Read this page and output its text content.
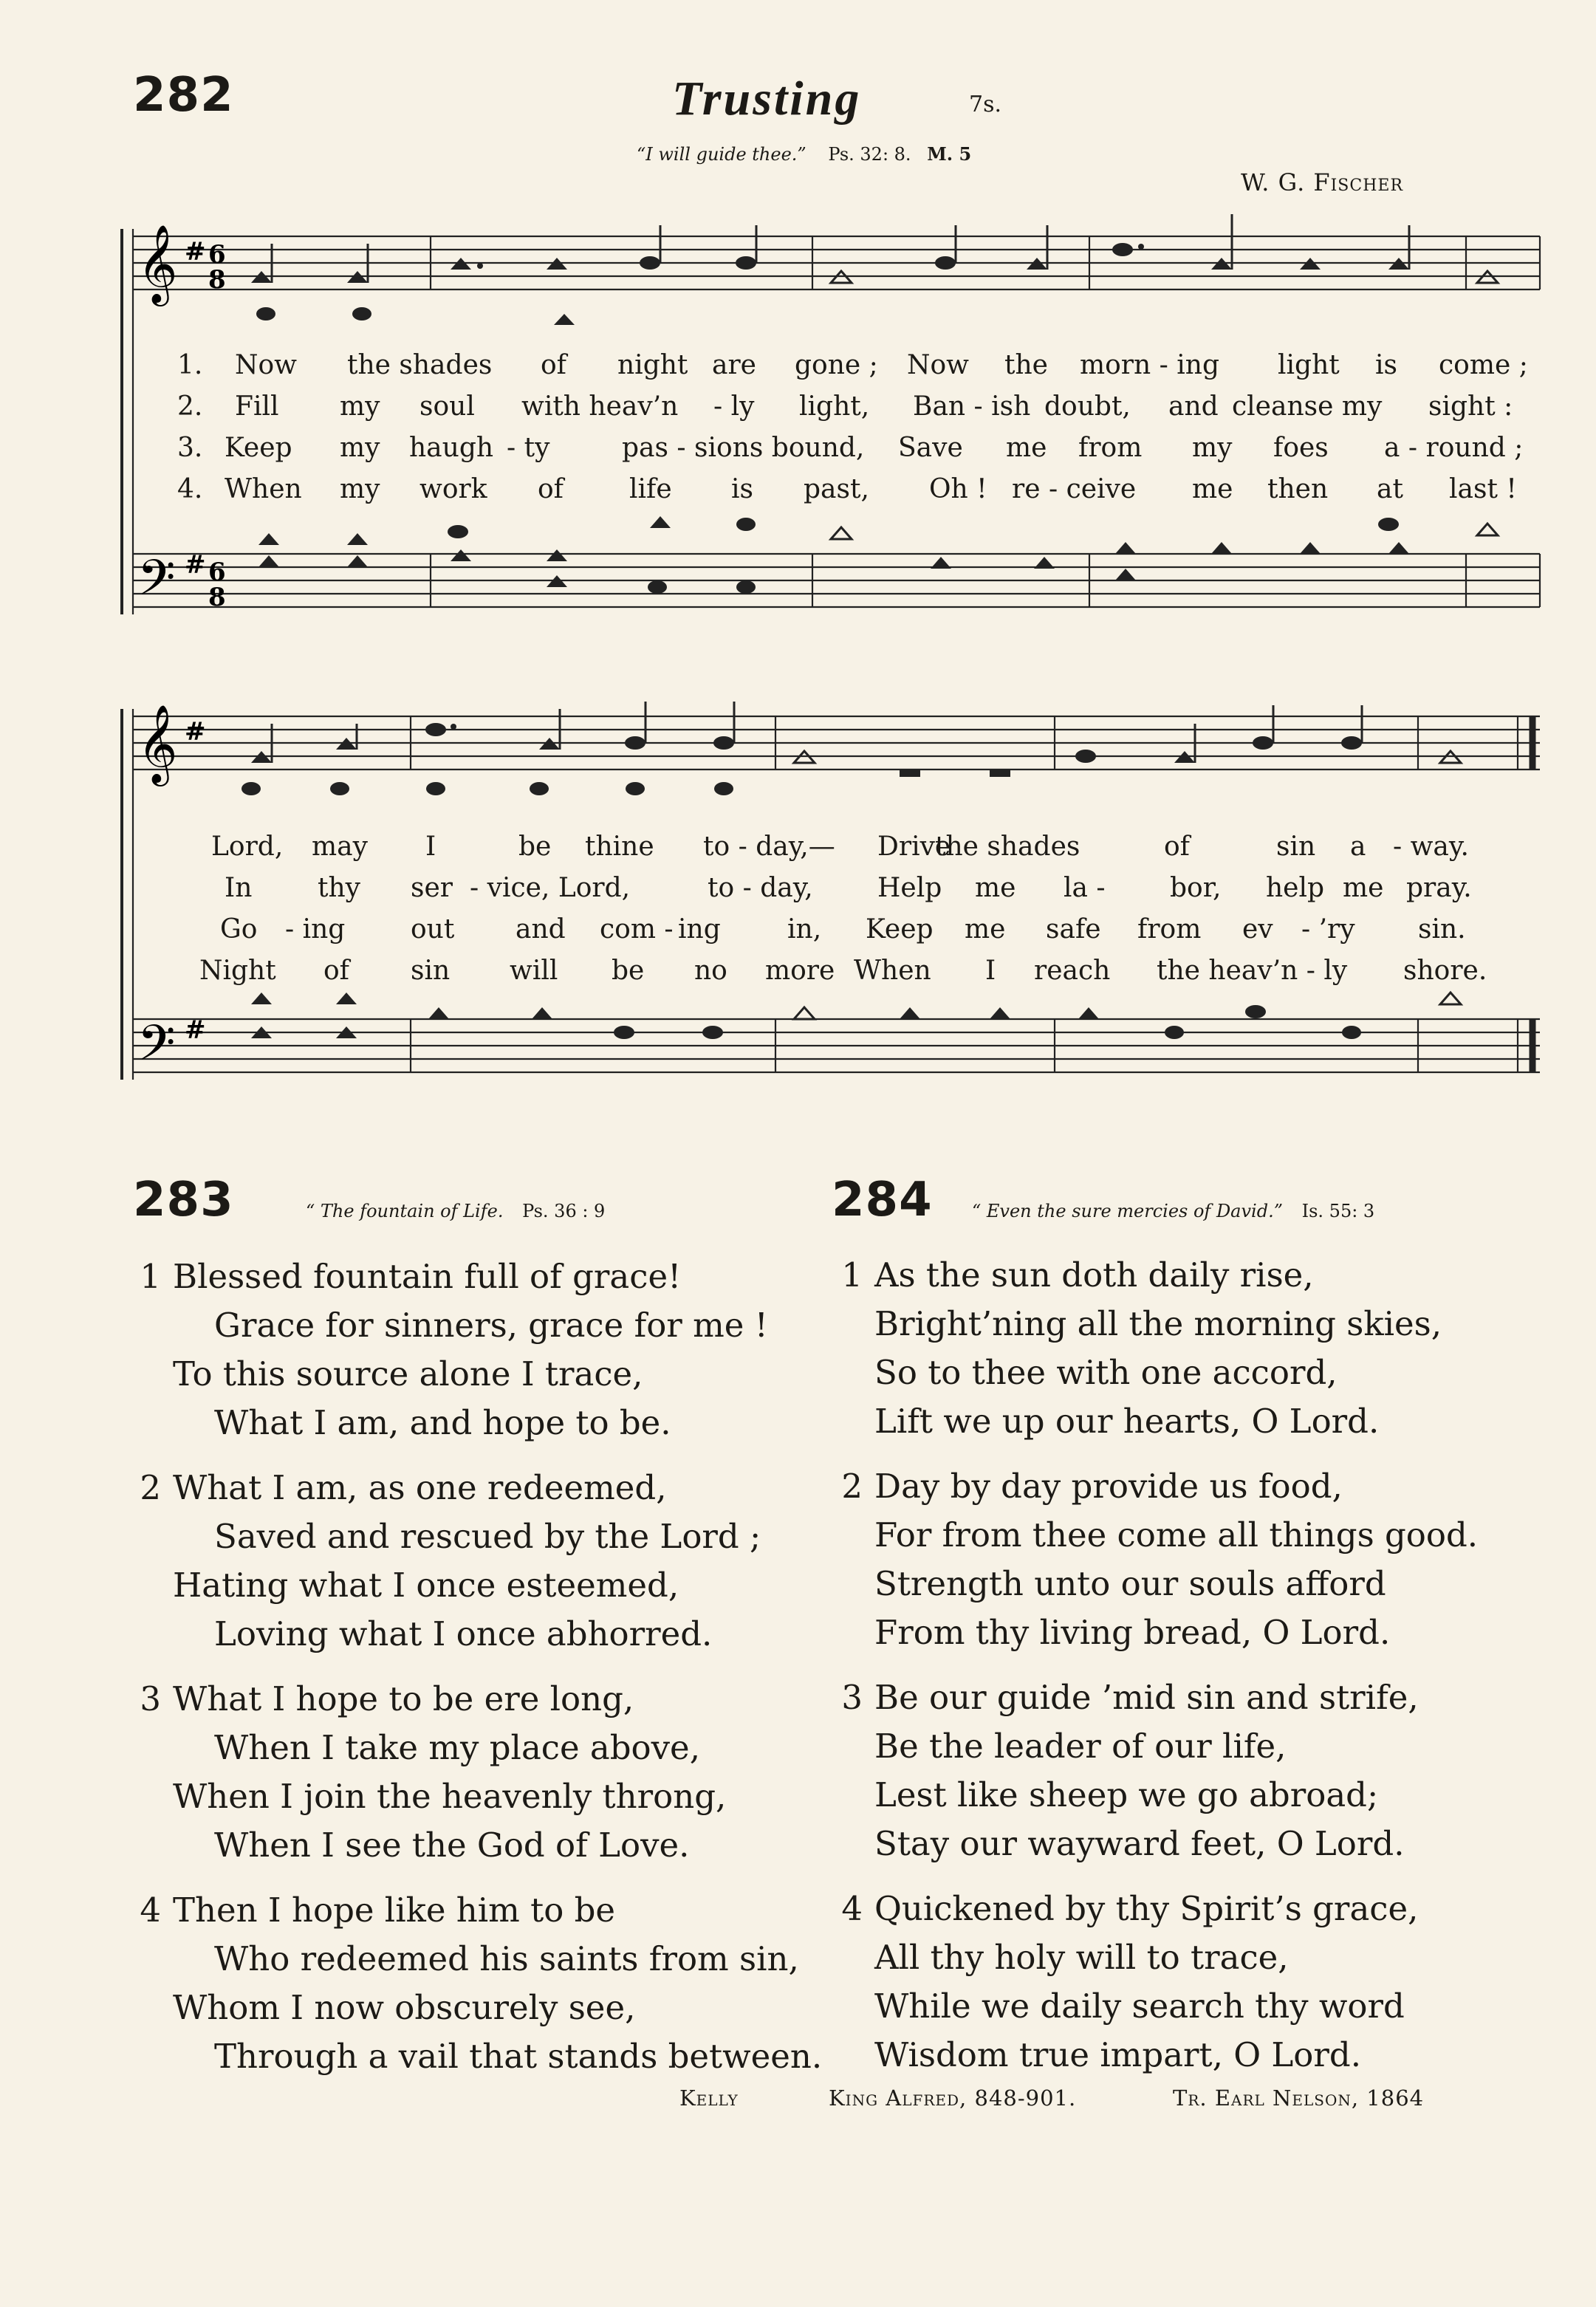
282	Trusting	7s.
“I will guide thee.” Ps. 32: 8. M. 5
W. G. Fischer
𝄞 # 6
8
𝄢 # 6
8
1. Now the shades of night are gone ; Now the morn - ing light is come ;
2. Fill my soul with heav’n - ly light, Ban - ish doubt, and cleanse my sight :
3. Keep my haugh - ty	pas - sions bound, Save me from my foes a - round ;
4. When my work of life is past, Oh ! re - ceive me then at last !
𝄞 #
𝄢 #
Lord, may I	be thine to - day,— Drive
the shades	of	sin a - way.
In thy ser - vice, Lord,	to - day, Help me la - bor, help me pray.
Go - ing out and com - ing	in, Keep me safe from ev - ’ry sin.
Night of sin will be no more When I reach the heav’n - ly shore.
283	“ The fountain of Life. Ps. 36 : 9
1 Blessed fountain full of grace!
Grace for sinners, grace for me !
To this source alone I trace,
What I am, and hope to be.
2 What I am, as one redeemed,
Saved and rescued by the Lord ;
Hating what I once esteemed,
Loving what I once abhorred.
3 What I hope to be ere long,
When I take my place above,
When I join the heavenly throng,
When I see the God of Love.
4 Then I hope like him to be
Who redeemed his saints from sin,
Whom I now obscurely see,
Through a vail that stands between.
284 “ Even the sure mercies of David.” Is. 55: 3
1 As the sun doth daily rise,
Bright’ning all the morning skies,
So to thee with one accord,
Lift we up our hearts, O Lord.
2 Day by day provide us food,
For from thee come all things good.
Strength unto our souls afford
From thy living bread, O Lord.
3 Be our guide ’mid sin and strife,
Be the leader of our life,
Lest like sheep we go abroad;
Stay our wayward feet, O Lord.
4 Quickened by thy Spirit’s grace,
All thy holy will to trace,
While we daily search thy word
Wisdom true impart, O Lord.
Kelly	King Alfred, 848-901.	Tr. Earl Nelson, 1864
